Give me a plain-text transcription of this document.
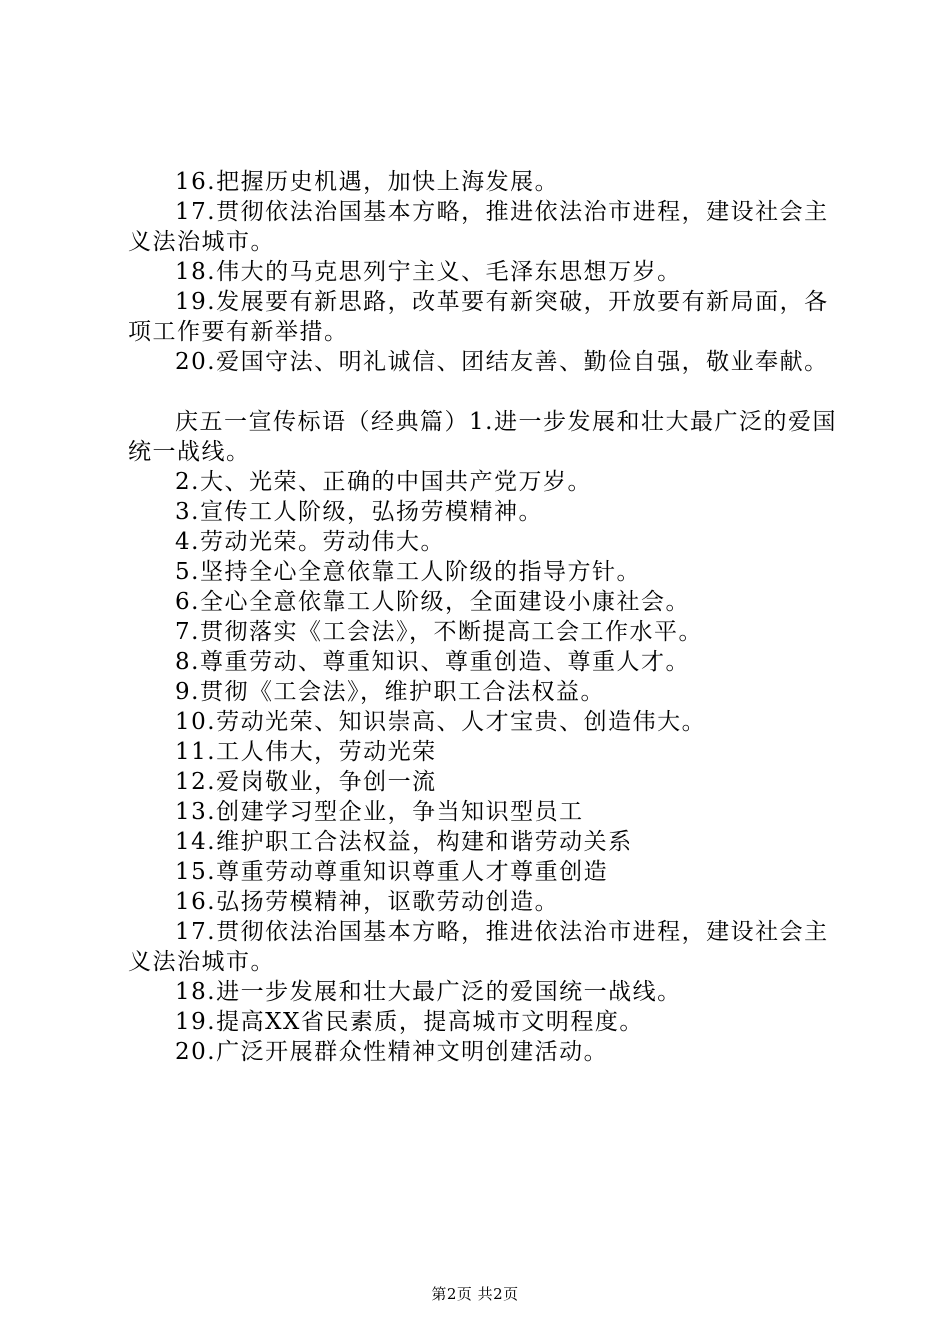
16.把握历史机遇，加快上海发展。

17.贯彻依法治国基本方略，推进依法治市进程，建设社会主义法治城市。

18.伟大的马克思列宁主义、毛泽东思想万岁。

19.发展要有新思路，改革要有新突破，开放要有新局面，各项工作要有新举措。

20.爱国守法、明礼诚信、团结友善、勤俭自强，敬业奉献。

庆五一宣传标语（经典篇）1.进一步发展和壮大最广泛的爱国统一战线。

2.大、光荣、正确的中国共产党万岁。

3.宣传工人阶级，弘扬劳模精神。

4.劳动光荣。劳动伟大。

5.坚持全心全意依靠工人阶级的指导方针。

6.全心全意依靠工人阶级，全面建设小康社会。

7.贯彻落实《工会法》，不断提高工会工作水平。

8.尊重劳动、尊重知识、尊重创造、尊重人才。

9.贯彻《工会法》，维护职工合法权益。

10.劳动光荣、知识崇高、人才宝贵、创造伟大。

11.工人伟大，劳动光荣

12.爱岗敬业，争创一流

13.创建学习型企业，争当知识型员工

14.维护职工合法权益，构建和谐劳动关系

15.尊重劳动尊重知识尊重人才尊重创造

16.弘扬劳模精神，讴歌劳动创造。

17.贯彻依法治国基本方略，推进依法治市进程，建设社会主义法治城市。

18.进一步发展和壮大最广泛的爱国统一战线。

19.提高XX省民素质，提高城市文明程度。

20.广泛开展群众性精神文明创建活动。

第2页 共2页
